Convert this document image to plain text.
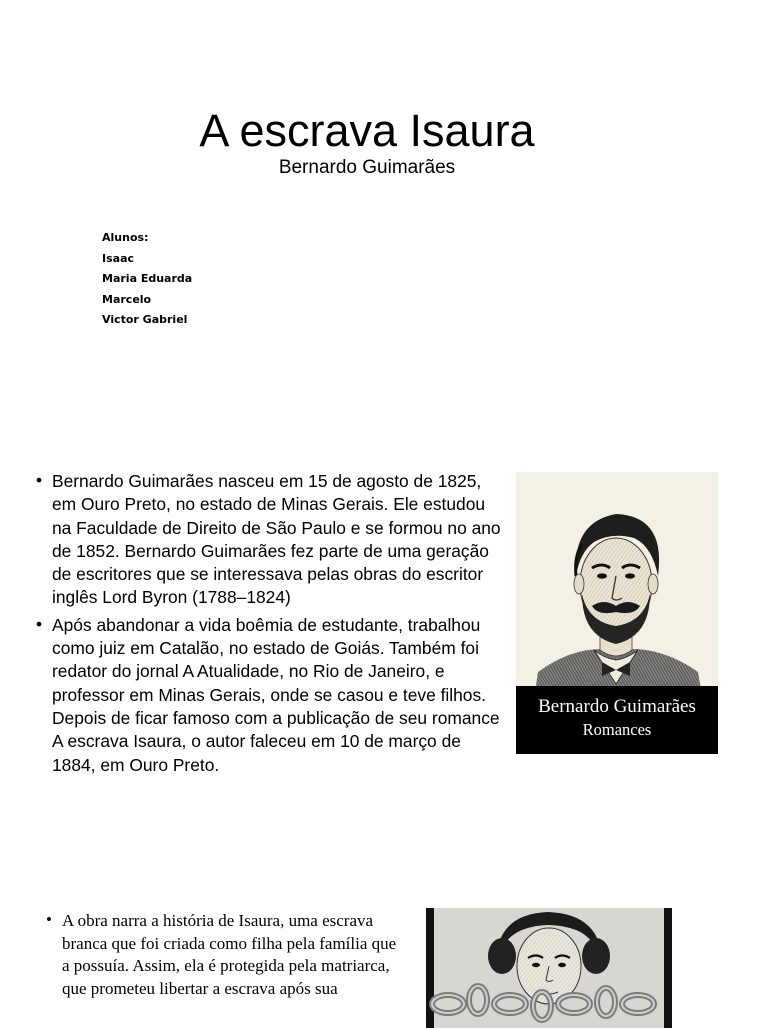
A escrava Isaura

Bernardo Guimarães

Alunos:
Isaac
Maria Eduarda
Marcelo
Victor Gabriel
• Bernardo Guimarães nasceu em 15 de agosto de 1825, em Ouro Preto, no estado de Minas Gerais. Ele estudou na Faculdade de Direito de São Paulo e se formou no ano de 1852. Bernardo Guimarães fez parte de uma geração de escritores que se interessava pelas obras do escritor inglês Lord Byron (1788–1824)
• Após abandonar a vida boêmia de estudante, trabalhou como juiz em Catalão, no estado de Goiás. Também foi redator do jornal A Atualidade, no Rio de Janeiro, e professor em Minas Gerais, onde se casou e teve filhos. Depois de ficar famoso com a publicação de seu romance A escrava Isaura, o autor faleceu em 10 de março de 1884, em Ouro Preto.
Bernardo Guimarães
Romances
• A obra narra a história de Isaura, uma escrava branca que foi criada como filha pela família que a possuía. Assim, ela é protegida pela matriarca, que prometeu libertar a escrava após sua
